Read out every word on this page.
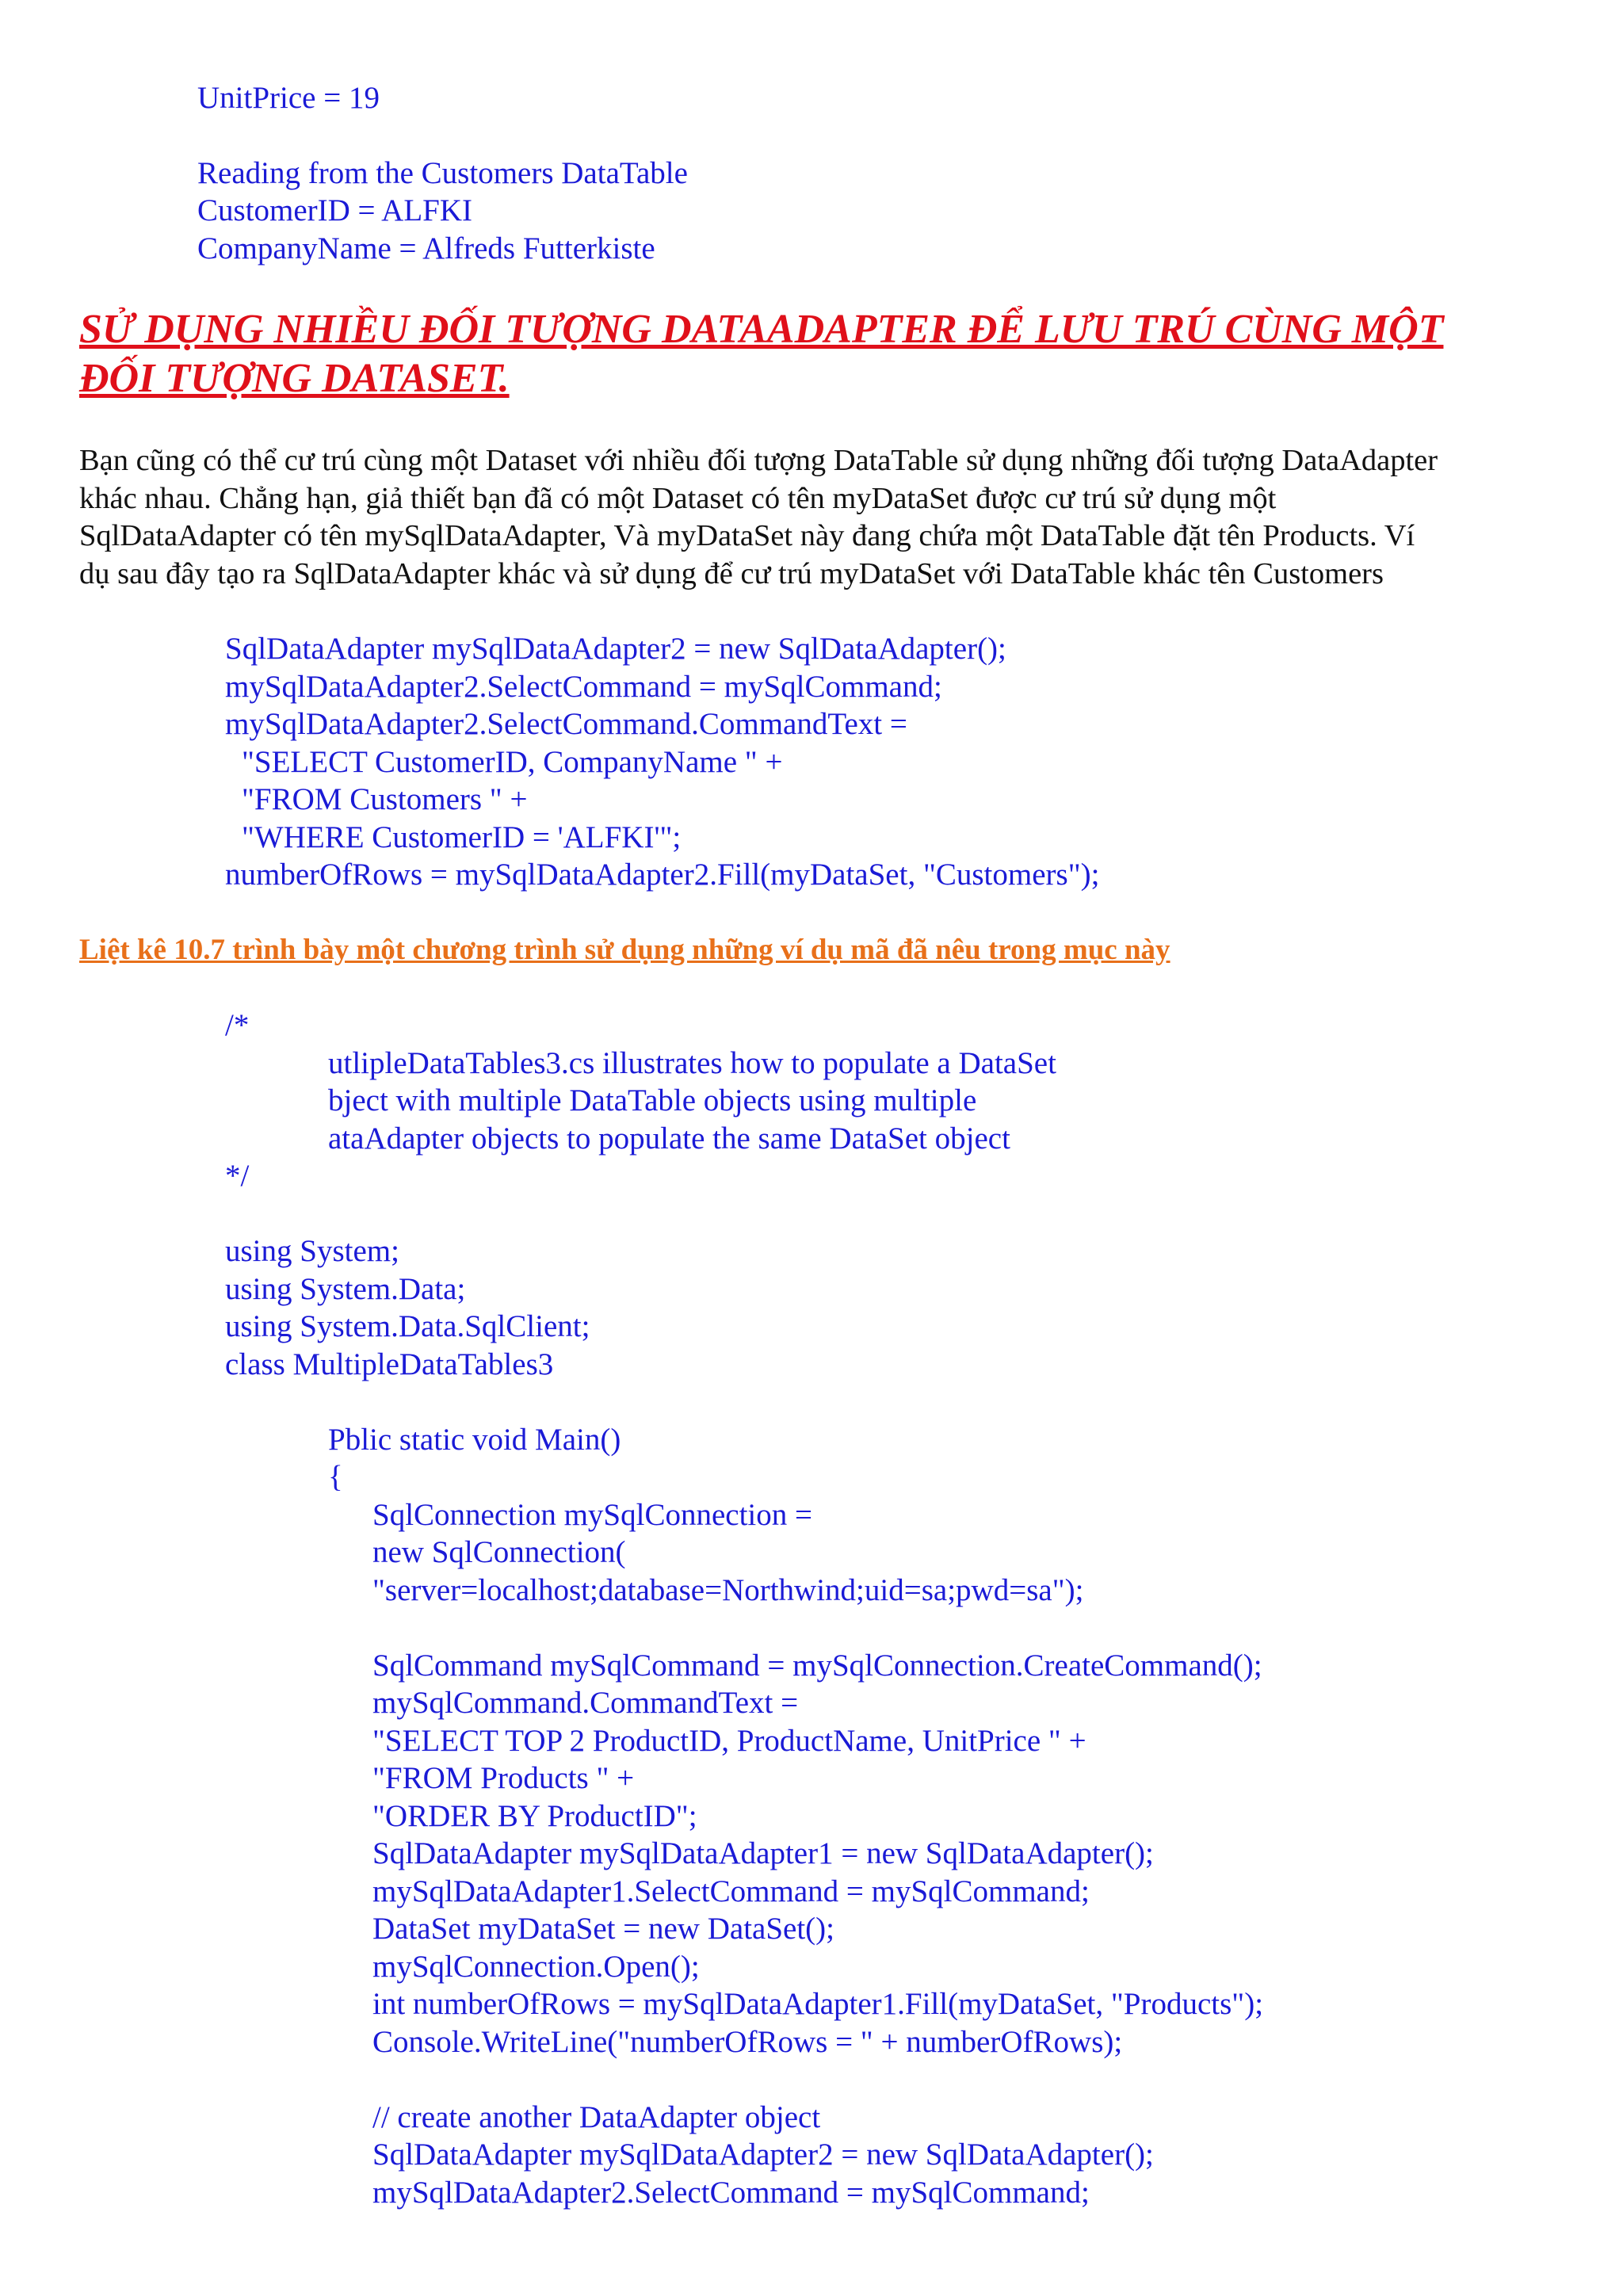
UnitPrice = 19
Reading from the Customers DataTable
CustomerID = ALFKI
CompanyName = Alfreds Futterkiste
SỬ DỤNG NHIỀU ĐỐI TƯỢNG DATAADAPTER ĐỂ LƯU TRÚ CÙNG MỘT
ĐỐI TƯỢNG DATASET.
Bạn cũng có thể cư trú cùng một Dataset với nhiều đối tượng DataTable sử dụng những đối tượng DataAdapter
khác nhau. Chẳng hạn, giả thiết bạn đã có một Dataset có tên myDataSet được cư trú sử dụng một
SqlDataAdapter có tên mySqlDataAdapter, Và myDataSet này đang chứa một DataTable đặt tên Products. Ví
dụ sau đây tạo ra SqlDataAdapter khác và sử dụng để cư trú myDataSet với DataTable khác tên Customers
SqlDataAdapter mySqlDataAdapter2 = new SqlDataAdapter();
mySqlDataAdapter2.SelectCommand = mySqlCommand;
mySqlDataAdapter2.SelectCommand.CommandText =
"SELECT CustomerID, CompanyName " +
"FROM Customers " +
"WHERE CustomerID = 'ALFKI'";
numberOfRows = mySqlDataAdapter2.Fill(myDataSet, "Customers");
Liệt kê 10.7 trình bày một chương trình sử dụng những ví dụ mã đã nêu trong mục này
/*
utlipleDataTables3.cs illustrates how to populate a DataSet
bject with multiple DataTable objects using multiple
ataAdapter objects to populate the same DataSet object
*/
using System;
using System.Data;
using System.Data.SqlClient;
class MultipleDataTables3
Pblic static void Main()
{
SqlConnection mySqlConnection =
new SqlConnection(
"server=localhost;database=Northwind;uid=sa;pwd=sa");
SqlCommand mySqlCommand = mySqlConnection.CreateCommand();
mySqlCommand.CommandText =
"SELECT TOP 2 ProductID, ProductName, UnitPrice " +
"FROM Products " +
"ORDER BY ProductID";
SqlDataAdapter mySqlDataAdapter1 = new SqlDataAdapter();
mySqlDataAdapter1.SelectCommand = mySqlCommand;
DataSet myDataSet = new DataSet();
mySqlConnection.Open();
int numberOfRows = mySqlDataAdapter1.Fill(myDataSet, "Products");
Console.WriteLine("numberOfRows = " + numberOfRows);
// create another DataAdapter object
SqlDataAdapter mySqlDataAdapter2 = new SqlDataAdapter();
mySqlDataAdapter2.SelectCommand = mySqlCommand;
